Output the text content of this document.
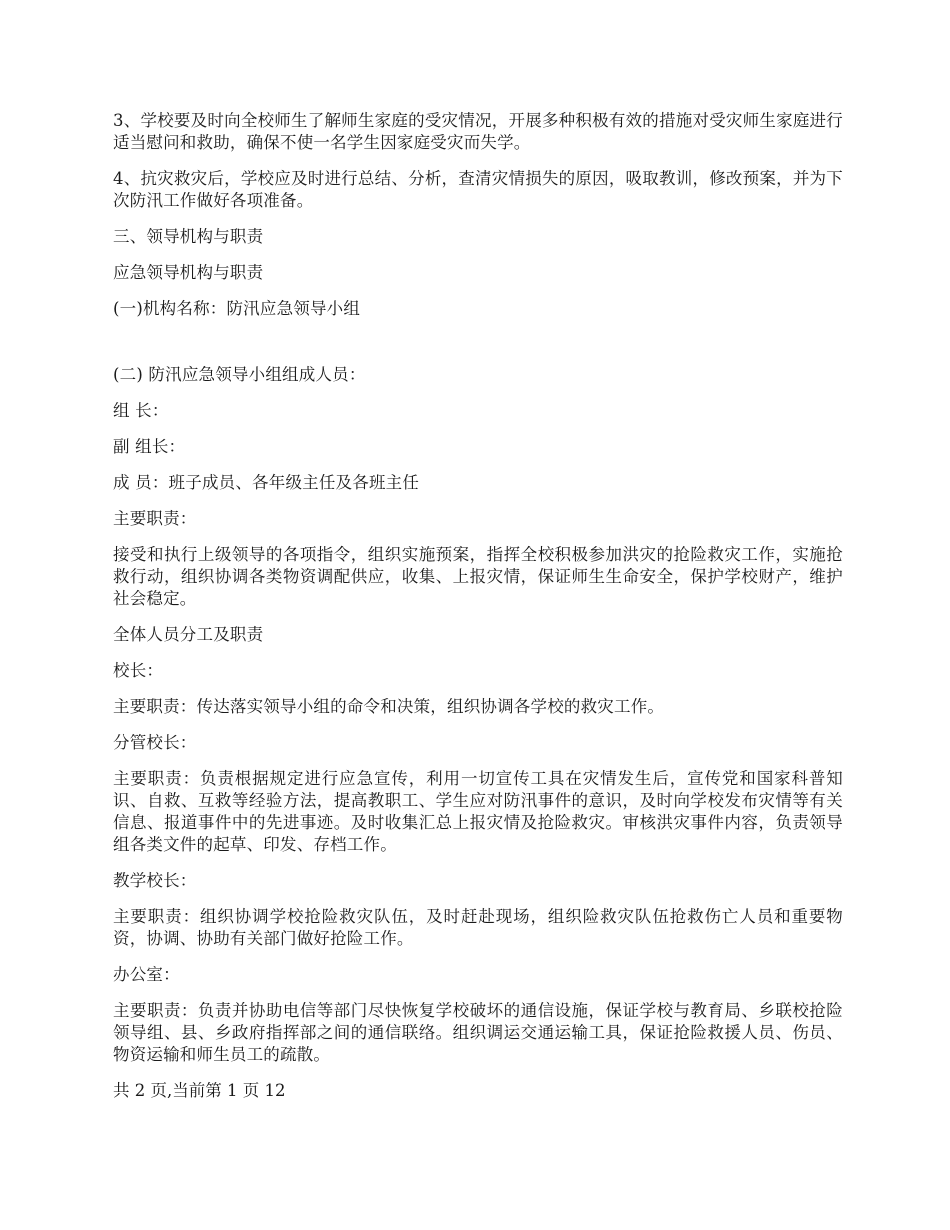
3、学校要及时向全校师生了解师生家庭的受灾情况，开展多种积极有效的措施对受灾师生家庭进行适当慰问和救助，确保不使一名学生因家庭受灾而失学。

4、抗灾救灾后，学校应及时进行总结、分析，查清灾情损失的原因，吸取教训，修改预案，并为下次防汛工作做好各项准备。

三、领导机构与职责

应急领导机构与职责

(一)机构名称：防汛应急领导小组

(二) 防汛应急领导小组组成人员：

组 长：

副 组长：

成 员：班子成员、各年级主任及各班主任

主要职责：

接受和执行上级领导的各项指令，组织实施预案，指挥全校积极参加洪灾的抢险救灾工作，实施抢救行动，组织协调各类物资调配供应，收集、上报灾情，保证师生生命安全，保护学校财产，维护社会稳定。

全体人员分工及职责

校长：

主要职责：传达落实领导小组的命令和决策，组织协调各学校的救灾工作。

分管校长：

主要职责：负责根据规定进行应急宣传，利用一切宣传工具在灾情发生后，宣传党和国家科普知识、自救、互救等经验方法，提高教职工、学生应对防汛事件的意识，及时向学校发布灾情等有关信息、报道事件中的先进事迹。及时收集汇总上报灾情及抢险救灾。审核洪灾事件内容，负责领导组各类文件的起草、印发、存档工作。

教学校长：

主要职责：组织协调学校抢险救灾队伍，及时赶赴现场，组织险救灾队伍抢救伤亡人员和重要物资，协调、协助有关部门做好抢险工作。

办公室：

主要职责：负责并协助电信等部门尽快恢复学校破坏的通信设施，保证学校与教育局、乡联校抢险领导组、县、乡政府指挥部之间的通信联络。组织调运交通运输工具，保证抢险救援人员、伤员、物资运输和师生员工的疏散。

共 2 页,当前第 1 页 12
